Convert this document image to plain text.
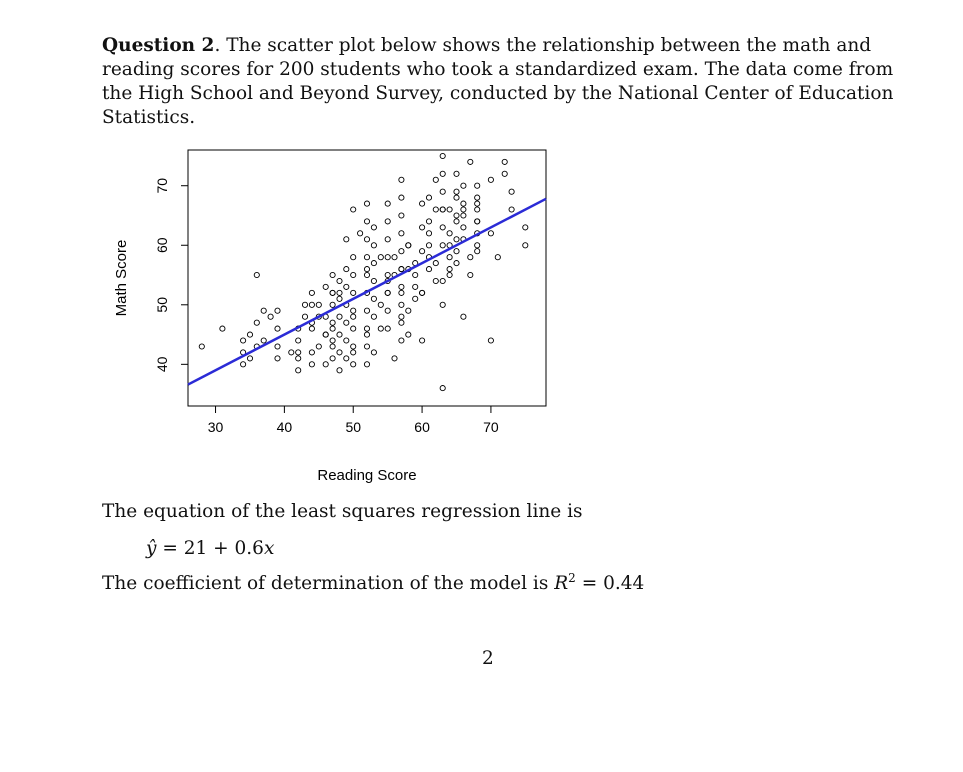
Question 2. The scatter plot below shows the relationship between the math and reading scores for 200 students who took a standardized exam. The data come from the High School and Beyond Survey, conducted by the National Center of Education Statistics.
30	40	50	60	70
40
50
60
70
Reading Score
Math Score
The equation of the least squares regression line is
ŷ = 21 + 0.6x
The coefficient of determination of the model is $R^2 = 0.44$
2
